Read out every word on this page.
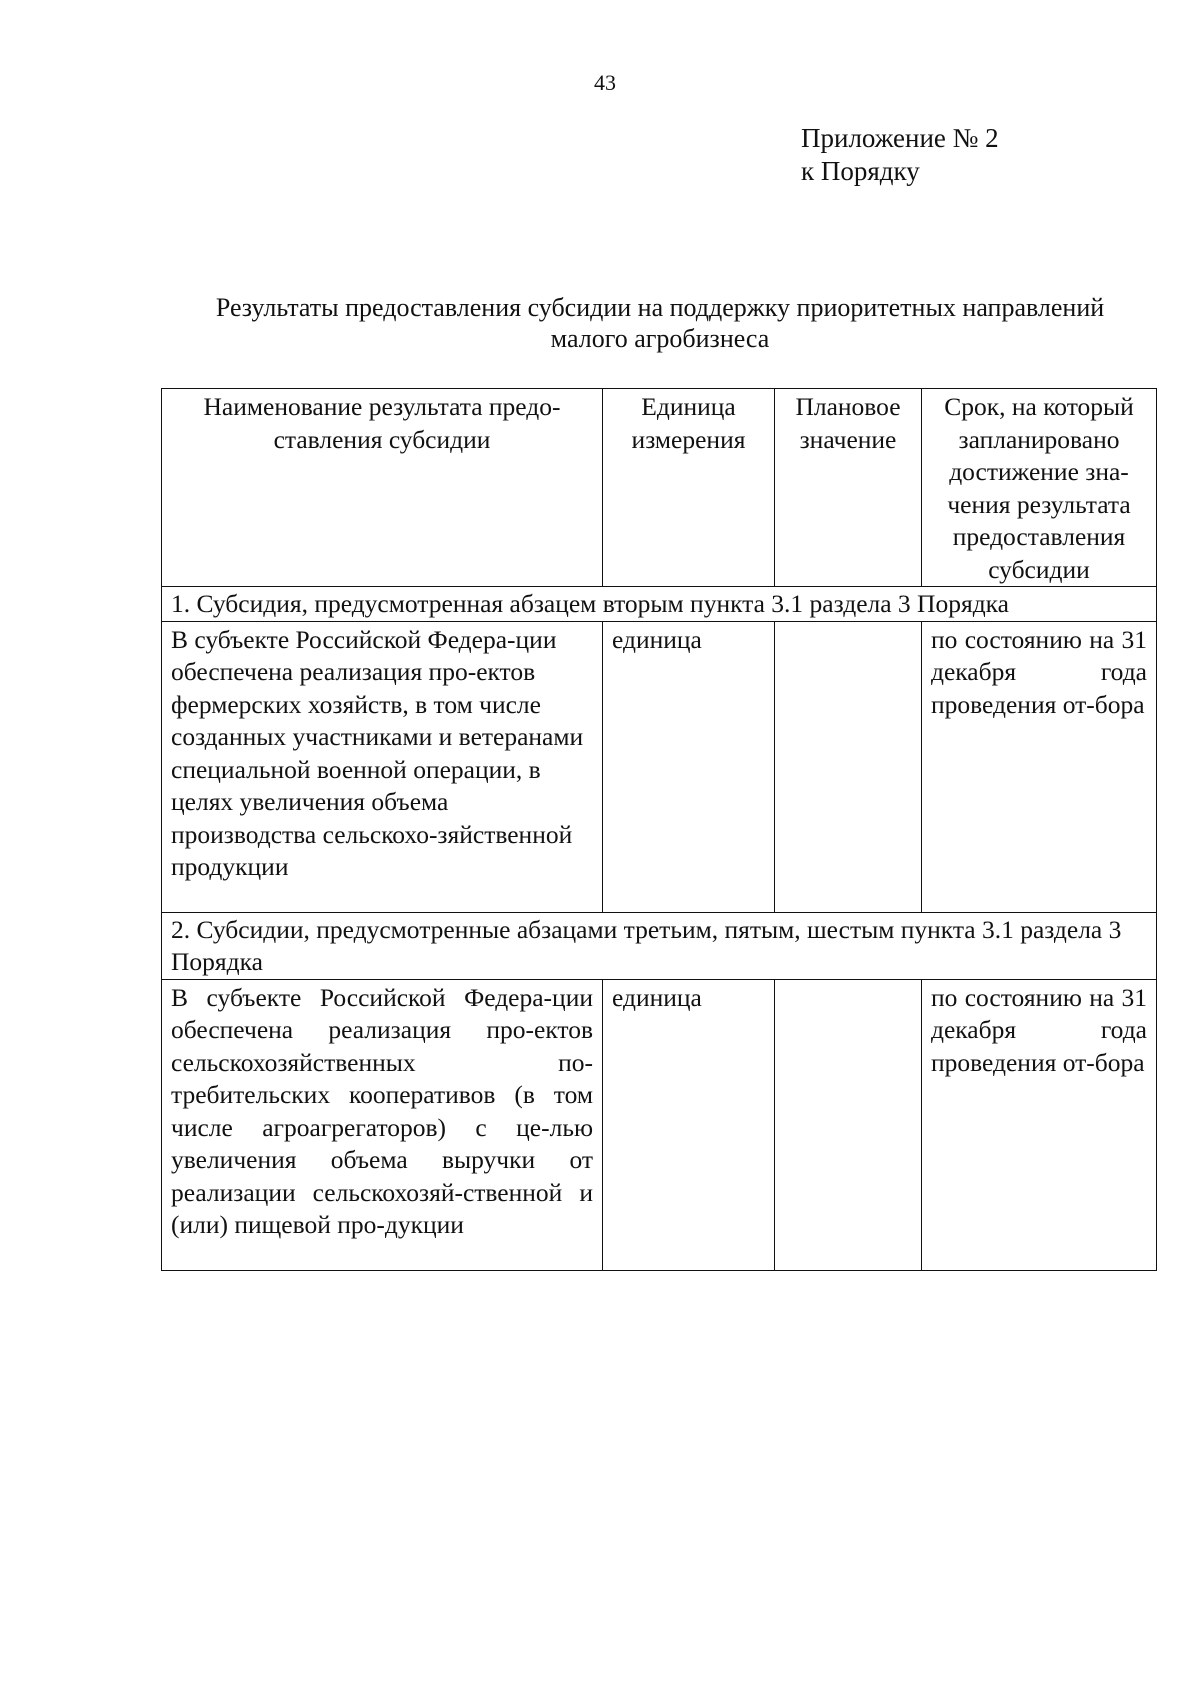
43
Приложение № 2
к Порядку
Результаты предоставления субсидии на поддержку приоритетных направлений
малого агробизнеса
Наименование результата предо-ставления субсидии	Единица измерения	Плановое значение	Срок, на который запланировано достижение зна-чения результата предоставления субсидии
1. Субсидия, предусмотренная абзацем вторым пункта 3.1 раздела 3 Порядка			
В субъекте Российской Федера-ции обеспечена реализация про-ектов фермерских хозяйств, в том числе созданных участниками и ветеранами специальной военной операции, в целях увеличения объема производства сельскохо-зяйственной продукции	единица		по состоянию на 31 декабря года проведения от-бора
2. Субсидии, предусмотренные абзацами третьим, пятым, шестым пункта 3.1 раздела 3 Порядка			
В субъекте Российской Федера-ции обеспечена реализация про-ектов сельскохозяйственных по-требительских кооперативов (в том числе агроагрегаторов) с це-лью увеличения объема выручки от реализации сельскохозяй-ственной и (или) пищевой про-дукции	единица		по состоянию на 31 декабря года проведения от-бора
